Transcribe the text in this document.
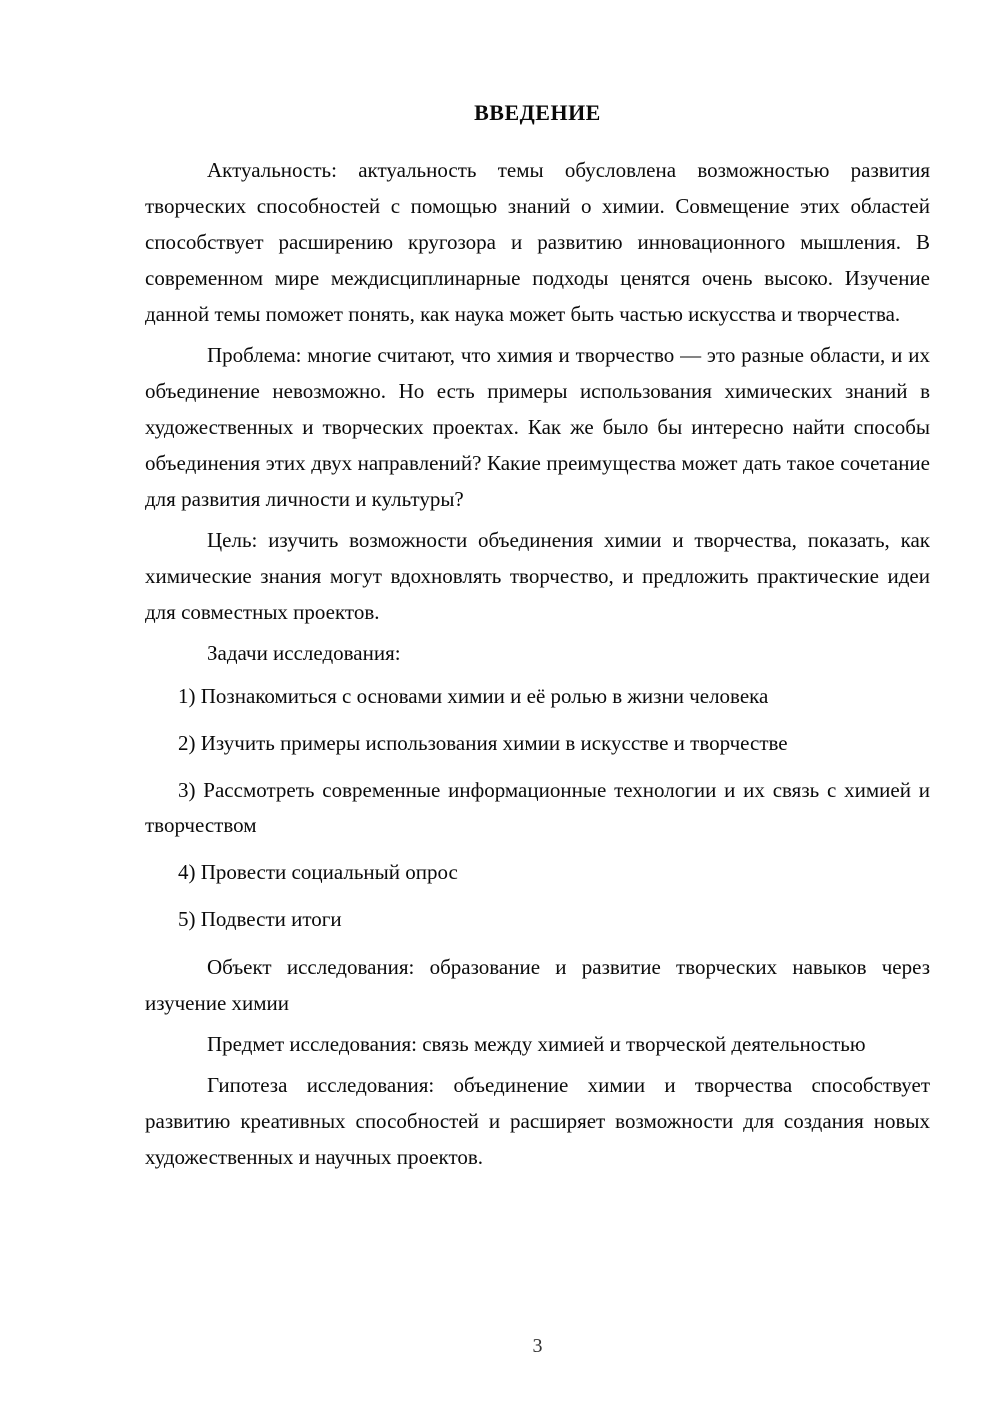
ВВЕДЕНИЕ

Актуальность: актуальность темы обусловлена возможностью развития творческих способностей с помощью знаний о химии. Совмещение этих областей способствует расширению кругозора и развитию инновационного мышления. В современном мире междисциплинарные подходы ценятся очень высоко. Изучение данной темы поможет понять, как наука может быть частью искусства и творчества.

Проблема: многие считают, что химия и творчество — это разные области, и их объединение невозможно. Но есть примеры использования химических знаний в художественных и творческих проектах. Как же было бы интересно найти способы объединения этих двух направлений? Какие преимущества может дать такое сочетание для развития личности и культуры?

Цель: изучить возможности объединения химии и творчества, показать, как химические знания могут вдохновлять творчество, и предложить практические идеи для совместных проектов.

Задачи исследования:

1) Познакомиться с основами химии и её ролью в жизни человека

2) Изучить примеры использования химии в искусстве и творчестве

3) Рассмотреть современные информационные технологии и их связь с химией и творчеством

4) Провести социальный опрос

5) Подвести итоги

Объект исследования: образование и развитие творческих навыков через изучение химии

Предмет исследования: связь между химией и творческой деятельностью

Гипотеза исследования: объединение химии и творчества способствует развитию креативных способностей и расширяет возможности для создания новых художественных и научных проектов.

3
